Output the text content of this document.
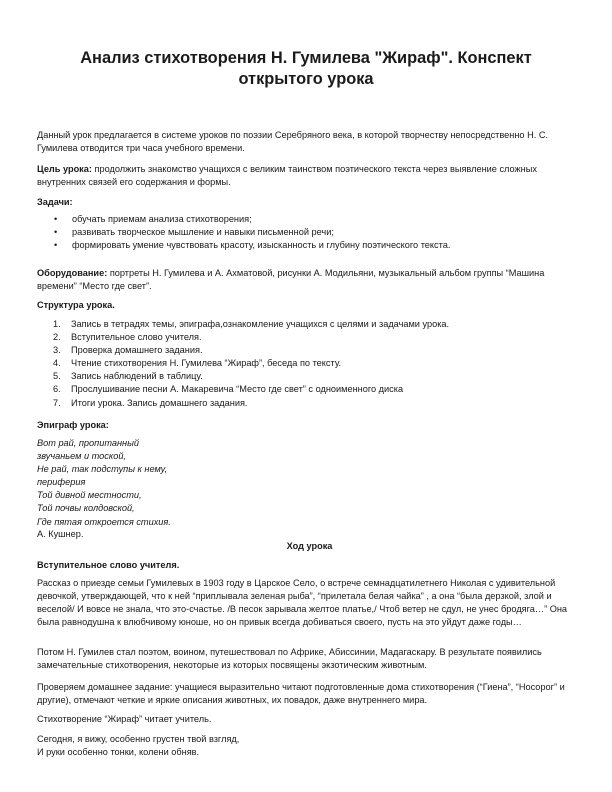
Анализ стихотворения Н. Гумилева "Жираф". Конспект
открытого урока

Данный урок предлагается в системе уроков по поэзии Серебряного века, в которой творчеству непосредственно Н. С. Гумилева отводится три часа учебного времени.

Цель урока: продолжить знакомство учащихся с великим таинством поэтического текста через выявление сложных внутренних связей его содержания и формы.

Задачи:

• обучать приемам анализа стихотворения;
• развивать творческое мышление и навыки письменной речи;
• формировать умение чувствовать красоту, изысканность и глубину поэтического текста.

Оборудование: портреты Н. Гумилева и А. Ахматовой, рисунки А. Модильяни, музыкальный альбом группы “Машина времени” “Место где свет”.

Структура урока.

1. Запись в тетрадях темы, эпиграфа,ознакомление учащихся с целями и задачами урока.
2. Вступительное слово учителя.
3. Проверка домашнего задания.
4. Чтение стихотворения Н. Гумилева “Жираф”, беседа по тексту.
5. Запись наблюдений в таблицу.
6. Прослушивание песни А. Макаревича “Место где свет” с одноименного диска
7. Итоги урока. Запись домашнего задания.

Эпиграф урока:

Вот рай, пропитанный
звучаньем и тоской,
Не рай, так подступы к нему,
периферия
Той дивной местности,
Той почвы колдовской,
Где пятая откроется стихия.

А. Кушнер.

Ход урока

Вступительное слово учителя.

Рассказ о приезде семьи Гумилевых в 1903 году в Царское Село, о встрече семнадцатилетнего Николая с удивительной девочкой, утверждающей, что к ней “приплывала зеленая рыба”, “прилетала белая чайка” , а она “была дерзкой, злой и веселой/ И вовсе не знала, что это-счастье. /В песок зарывала желтое платье,/ Чтоб ветер не сдул, не унес бродяга…” Она была равнодушна к влюбчивому юноше, но он привык всегда добиваться своего, пусть на это уйдут даже годы…

Потом Н. Гумилев стал поэтом, воином, путешествовал по Африке, Абиссинии, Мадагаскару. В результате появились замечательные стихотворения, некоторые из которых посвящены экзотическим животным.

Проверяем домашнее задание: учащиеся выразительно читают подготовленные дома стихотворения (“Гиена”, “Носорог” и другие), отмечают четкие и яркие описания животных, их повадок, даже внутреннего мира.

Стихотворение “Жираф” читает учитель.

Сегодня, я вижу, особенно грустен твой взгляд,
И руки особенно тонки, колени обняв.
